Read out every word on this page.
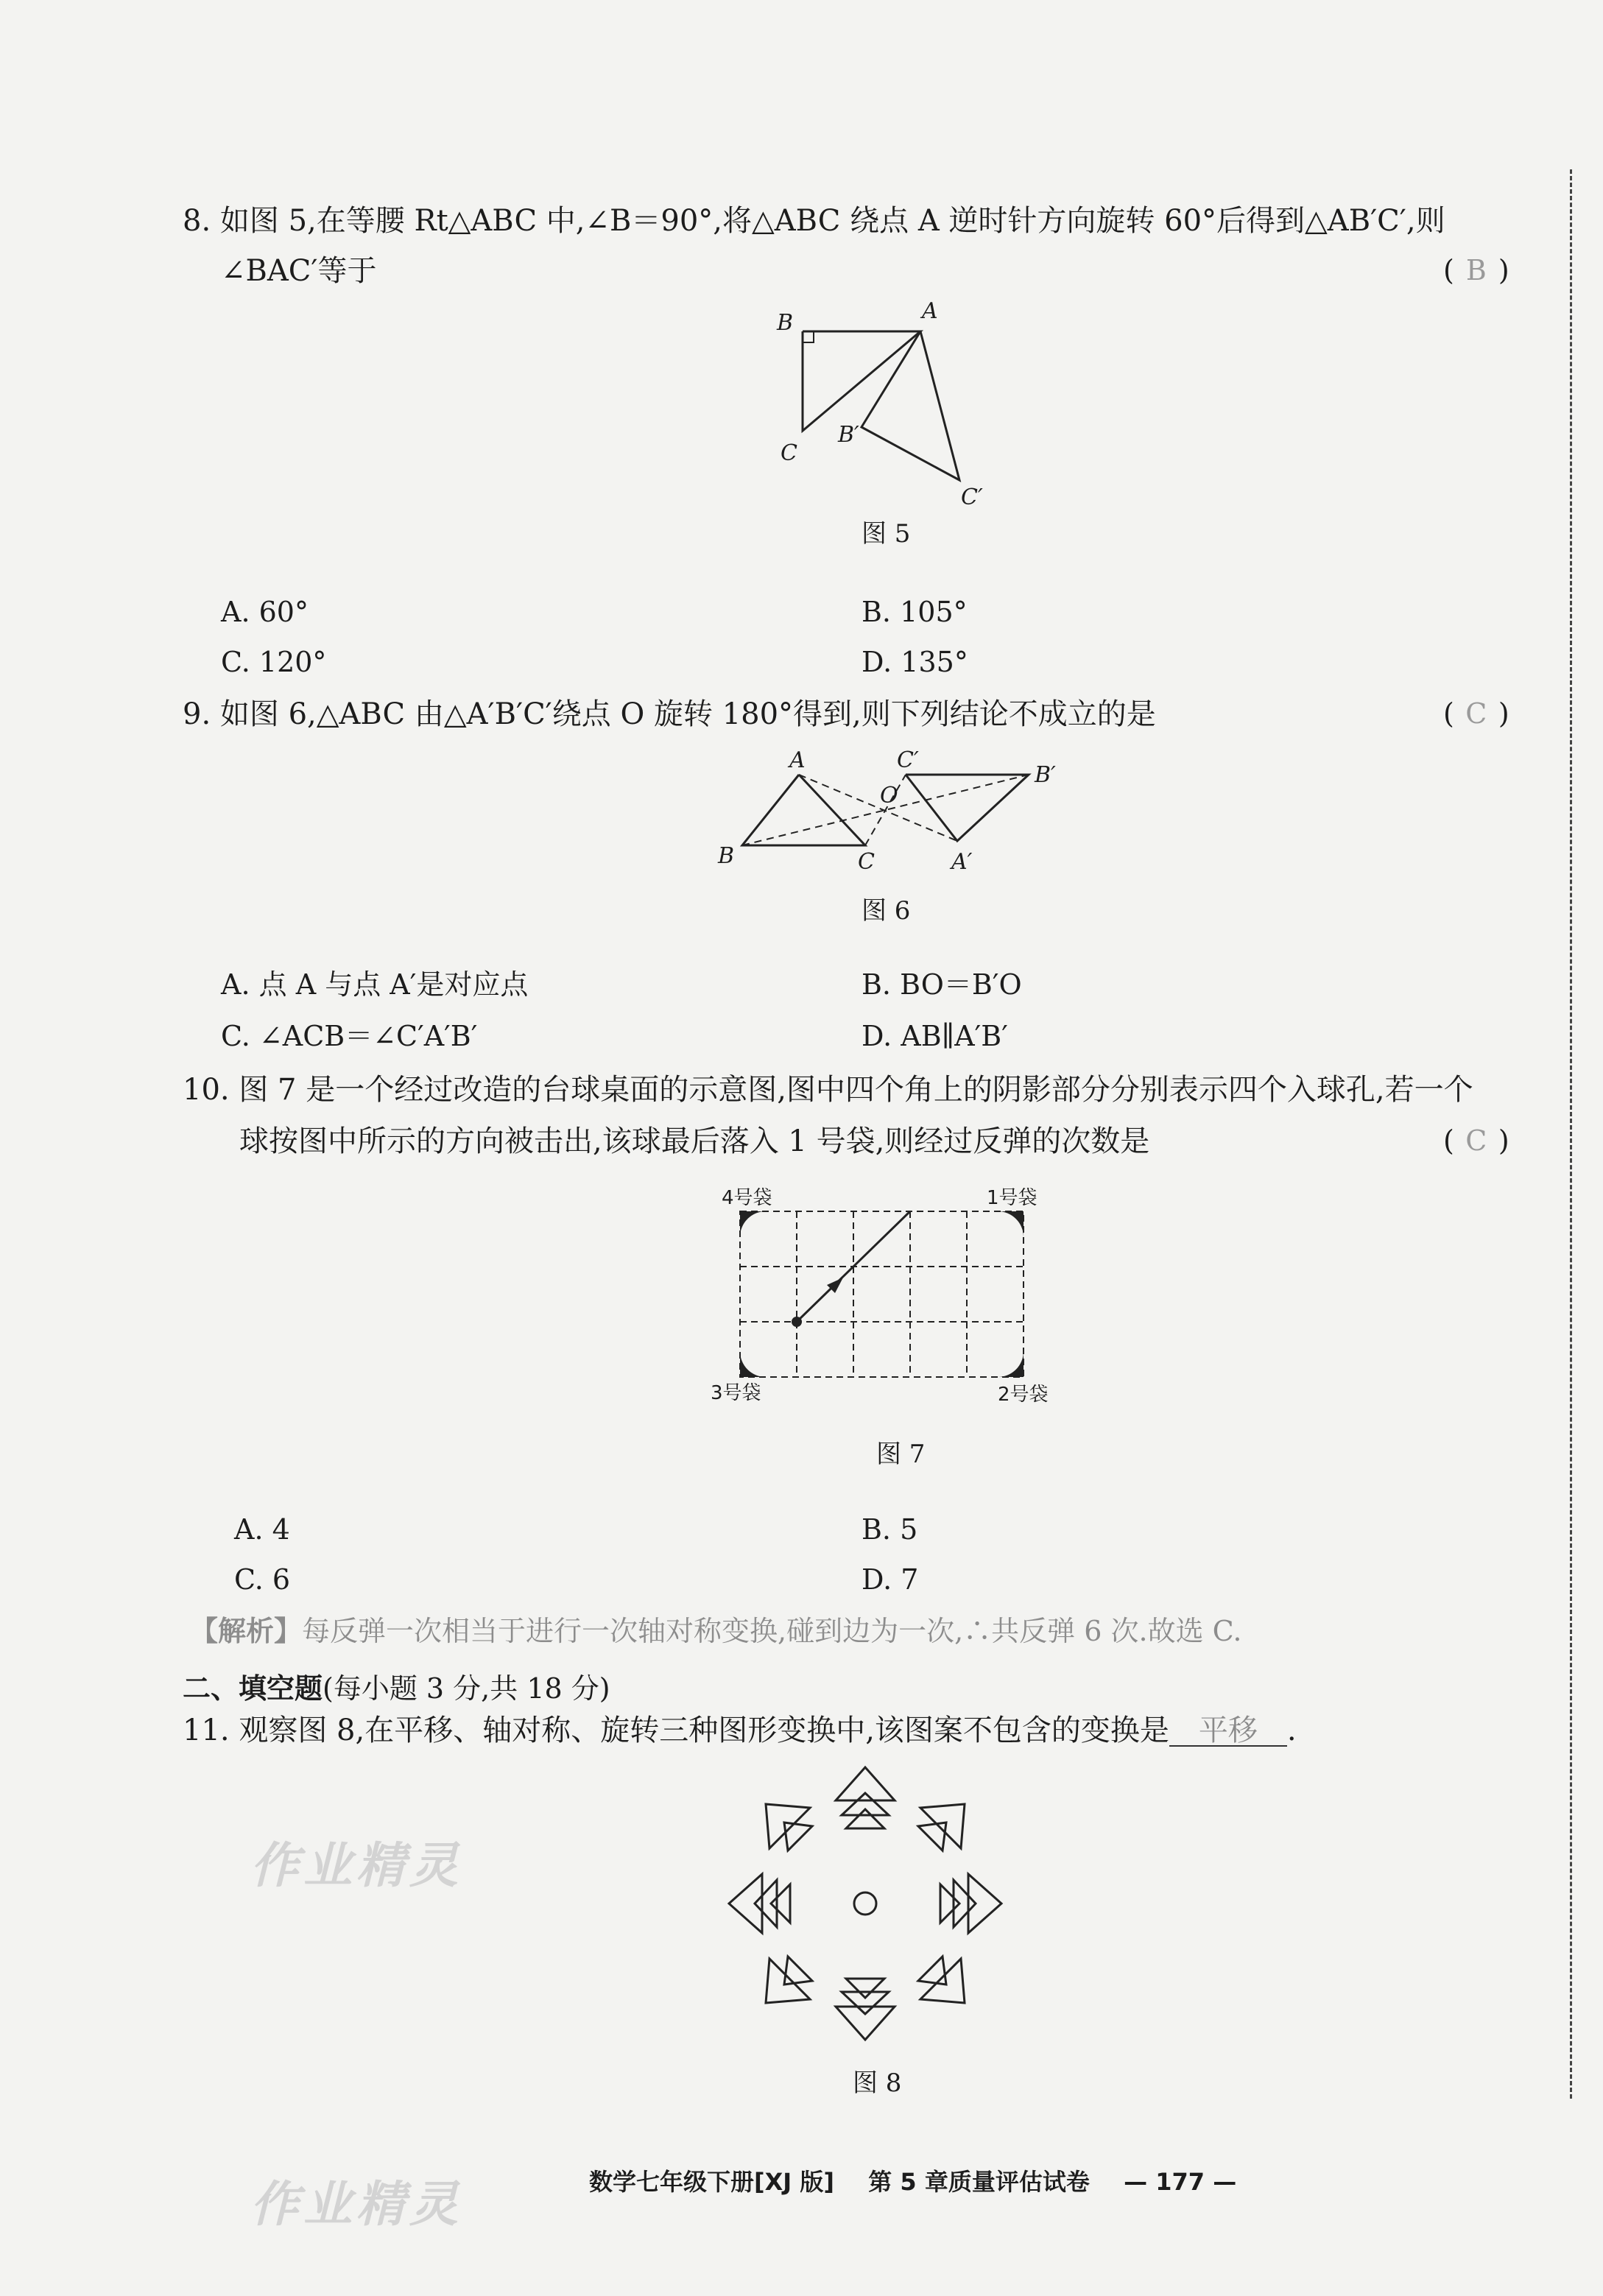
8. 如图 5,在等腰 Rt△ABC 中,∠B＝90°,将△ABC 绕点 A 逆时针方向旋转 60°后得到△AB′C′,则
∠BAC′等于	( B )
B	A
B′
C
C′
图 5
A. 60°	B. 105°
C. 120°	D. 135°
9. 如图 6,△ABC 由△A′B′C′绕点 O 旋转 180°得到,则下列结论不成立的是	( C )
A	C′
O
B′
B	C	A′
图 6
A. 点 A 与点 A′是对应点	B. BO＝B′O
C. ∠ACB＝∠C′A′B′	D. AB∥A′B′
10. 图 7 是一个经过改造的台球桌面的示意图,图中四个角上的阴影部分分别表示四个入球孔,若一个
球按图中所示的方向被击出,该球最后落入 1 号袋,则经过反弹的次数是	( C )
4号袋	1号袋
3号袋	2号袋
图 7
A. 4	B. 5
C. 6	D. 7
【解析】每反弹一次相当于进行一次轴对称变换,碰到边为一次,∴共反弹 6 次.故选 C.
二、填空题(每小题 3 分,共 18 分)
11. 观察图 8,在平移、轴对称、旋转三种图形变换中,该图案不包含的变换是 平移 .
图 8
作业精灵
作业精灵	数学七年级下册[XJ 版] 第 5 章质量评估试卷 — 177 —
